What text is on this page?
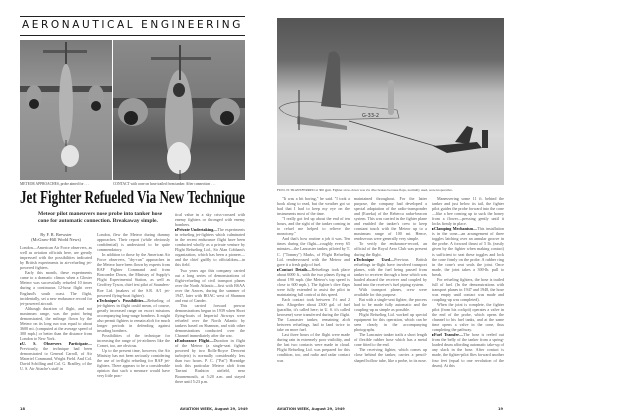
AERONAUTICAL ENGINEERING
METEOR APPROACHES, probe aimed for . . .	CONTACT with cone on hose trailed from tanker. After connection . . .
Jet Fighter Refueled Via New Technique
Meteor pilot maneuvers nose probe into tanker hose cone for automatic connection. Breakaway simple.

By F. R. Brewster

(McGraw-Hill World News)

London—American Air Force observers, as well as aviation officials here, are greatly impressed with the possibilities indicated by British experiments in air-refueling jet-powered fighters.

Early this month, these experiments came to a dramatic climax when a Gloster Meteor was successfully refueled 10 times during a continuous 12-hour flight over England's south coast. The flight, incidentally, set a new endurance record for jet-powered aircraft.

Although duration of flight, and not maximum range, was the point being demonstrated, the mileage flown by the Meteor on its long run was equal to about 3600 mi. (computed at the average speed of 300 mph.) or better than the distance from London to New York.

▸U. S. Observers Participate—Previously, the technique had been demonstrated to General Carroll, of Air Materiel Command, Wright Field. And Col. David Schilling and Col. G. Bradley, of the U. S. Air Attache's staff in

London, flew the Meteor during dummy approaches. Their report (while obviously confidential) is understood to be quite commendatory.

In addition to those by the American Air Force observers, "dry-run" approaches in the Meteor have been flown by experts from RAF Fighter Command and from Boscombe Down, the Ministry of Supply's Flight Experimental Station, as well as Geoffrey Tyson, chief test pilot of Saunders-Roe Ltd. (makers of the S.R. A/1 jet-powered flying-boat fighter).

▸Technique's Possibilities—Refueling of jet-fighters in flight could mean, of course, greatly increased range on escort missions accompanying long-range bombers. It might also permit fighters to remain aloft for much longer periods in defending against invading bombers.

Possibilities of the technique for increasing the range of jet-airliners like the Comet, too, are obvious.

Up to the present time, however, the Air Ministry has not been seriously considering the use of in-flight refueling for RAF jet-fighters. There appears to be a considerable opinion that such a measure would have very little prac-

tical value in a sky criss-crossed with enemy fighters or thronged with enemy bombers.

▸Private Undertaking—The experiments in refueling jet-fighters which culminated in the recent endurance flight have been conducted wholly as a private venture by Flight Refueling Ltd., Sir Alan Cobham's organization, which has been a pioneer—and the chief gadfly to officialdom—in this field.

Two years ago this company carried out a long series of demonstrations of flight-refueling of civil transport planes over the North Atlantic—first with BSAA over the Azores, during the summer of 1947, later with BOAC west of Shannon and east of Gander.

This carried forward prewar demonstrations begun in 1939 when Short flying-boats of Imperial Airways were refueled over the North Atlantic by tankers based on Shannon, and with other demonstrations conducted over the Channel immediately after the war.

▸Endurance Flight—Duration in flight of the Meteor (a single-seat fighter powered by two Rolls-Royce Derwent turbojets) is normally considerably less than two hours. P. C. ("Pat") Hornidge took this particular Meteor aloft from Tarrant Rushton airfield, near Bournemouth, at 5:20 a.m. and stayed there until 5:23 p.m.

18	AVIATION WEEK, August 29, 1949
G-33-2
FUEL IS TRANSFERRED at 300 gpm. Fighter slow-down was via dive brakes because flaps, normally used, were inoperative.

"It was a bit boring," he said. "I took a book along to read, but the weather got so bad that I had to keep my eye on the instruments most of the time.

"I really got fed up about the end of ten hours, and the sight of the tanker coming in to refuel me helped to relieve the monotony."

And that's how routine a job it was. Ten times during the flight—roughly every 65 minutes—the Lancaster tanker, piloted by T. C. ("Tommy") Marks, of Flight Refueling Ltd. rendezvoused with the Meteor and gave it a fresh gulp of fuel.

▸Contact Details—Refuelings took place about 6000 ft., with the two planes flying at about 190 mph. (the Meteor's top speed is close to 600 mph.). The fighter's dive flaps were fully extended to assist the pilot in maintaining full control at this speed.

Each contact took between 1½ and 2 min. Altogether about 2300 gal. of fuel (paraffin, it's called here; in U. S. it's called kerosene) were transferred during the flight. The Lancaster tanker, remaining aloft between refuelings, had to land twice to take on more fuel.

Last three hours of the flight were made during rain in extremely poor visibility, and the last two contacts were made in cloud. Flight Refueling Ltd. was prepared for this condition, too, and radio and radar contact was

maintained throughout. For the latter purpose, the company had developed a special adaptation of the radio-transponder and (Eureka) of the Rebecca radar-beacon system. This was carried in the fighter plane and enabled the tanker's crew to keep constant touch with the Meteor up to a maximum range of 100 mi. Hence, rendezvous were generally very simple.

To verify the endurance-record, an official of the Royal Aero Club was present during the flight.

▸Technique Used—Previous British refuelings in-flight have involved transport planes, with the fuel being passed from tanker to receiver through a hose which was hauled aboard the receiver and coupled by hand into the receiver's fuel piping system.

With transport planes, crew were available for this purpose.

But with a single-seat fighter, the process had to be made fully automatic and the coupling-up as simple as possible.

Flight Refueling Ltd. worked up special equipment for this operation, which can be seen clearly in the accompanying photographs.

The Lancaster tanker trails a short length of flexible rubber hose which has a metal cone fitted to the end.

The receiving fighter, which comes up close behind the tanker, carries a pencil-shaped hollow tube, like a probe, in its nose.

Maneuvering some 11 ft. behind the tanker and just below its tail, the fighter pilot guides the probe forward into the cone—like a bee coming up to suck the honey from a flower—pressing gently until it locks firmly in place.

▸Clamping Mechanism—This installation is in the cone—an arrangement of three toggles latching over an annular groove in the probe. A forward thrust of 5 lb. (easily given by the fighter when making contact) is sufficient to seat these toggles and lock the cone firmly on the probe. A rubber ring in the cone's seat seals the joint. Once made, the joint takes a 300-lb. pull to break.

For refueling fighters, the hose is trailed full of fuel. (In the demonstrations with transport planes in 1947 and 1948, the hose was empty until contact was made and coupling-up was completed).

When the joint is complete, the fighter pilot (from his cockpit) operates a valve in the end of the probe, which opens the channel to his fuel tanks, and at the same time opens a valve in the cone, thus completing the pathway.

▸Fuel Transfer—The hose is reeled out from the belly of the tanker from a spring-loaded drum affording automatic take-up of any slack in the hose. After contact is made, the fighter-pilot flies forward another four feet (equal to one revolution of the drum). At this

AVIATION WEEK, August 29, 1949	19
